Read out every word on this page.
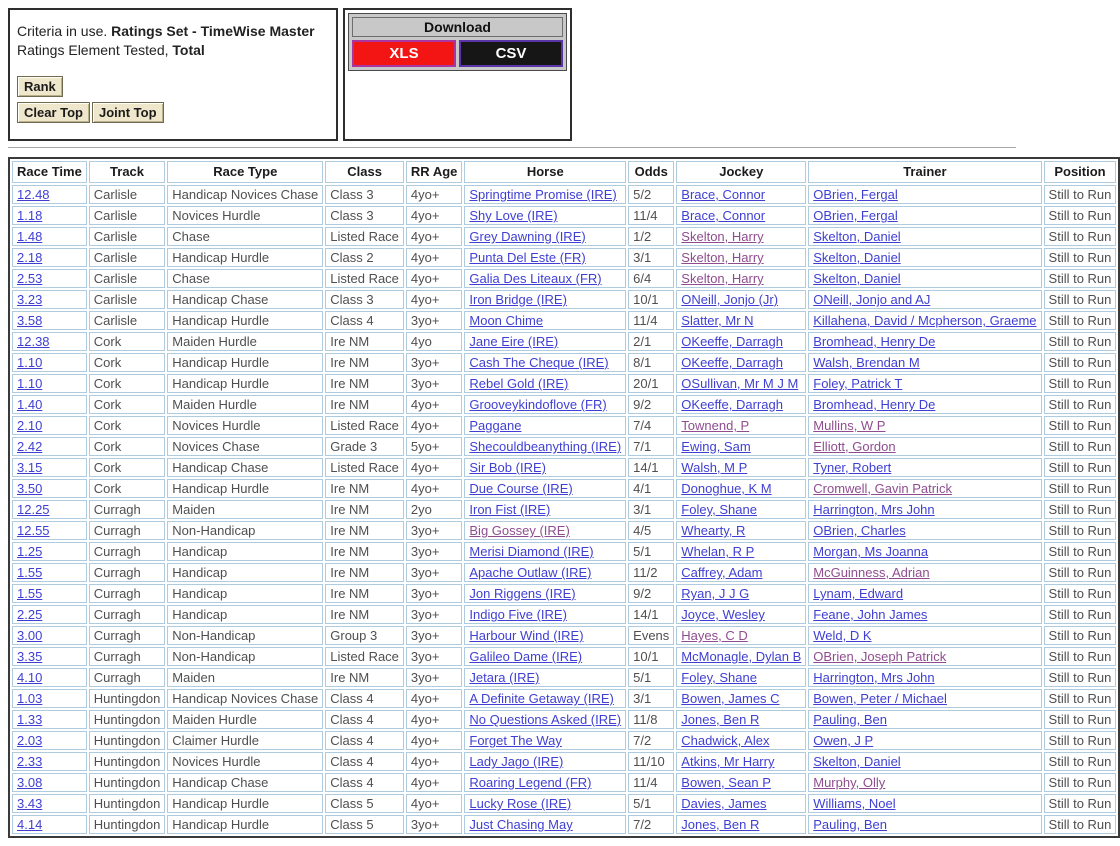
Criteria in use. Ratings Set - TimeWise Master
Ratings Element Tested, Total
Rank
Clear Top	Joint Top
Download
XLS	CSV
Race Time	Track	Race Type	Class	RR Age	Horse	Odds	Jockey	Trainer	Position
12.48	Carlisle	Handicap Novices Chase	Class 3	4yo+	Springtime Promise (IRE)	5/2	Brace, Connor	OBrien, Fergal	Still to Run
1.18	Carlisle	Novices Hurdle	Class 3	4yo+	Shy Love (IRE)	11/4	Brace, Connor	OBrien, Fergal	Still to Run
1.48	Carlisle	Chase	Listed Race	4yo+	Grey Dawning (IRE)	1/2	Skelton, Harry	Skelton, Daniel	Still to Run
2.18	Carlisle	Handicap Hurdle	Class 2	4yo+	Punta Del Este (FR)	3/1	Skelton, Harry	Skelton, Daniel	Still to Run
2.53	Carlisle	Chase	Listed Race	4yo+	Galia Des Liteaux (FR)	6/4	Skelton, Harry	Skelton, Daniel	Still to Run
3.23	Carlisle	Handicap Chase	Class 3	4yo+	Iron Bridge (IRE)	10/1	ONeill, Jonjo (Jr)	ONeill, Jonjo and AJ	Still to Run
3.58	Carlisle	Handicap Hurdle	Class 4	3yo+	Moon Chime	11/4	Slatter, Mr N	Killahena, David / Mcpherson, Graeme	Still to Run
12.38	Cork	Maiden Hurdle	Ire NM	4yo	Jane Eire (IRE)	2/1	OKeeffe, Darragh	Bromhead, Henry De	Still to Run
1.10	Cork	Handicap Hurdle	Ire NM	3yo+	Cash The Cheque (IRE)	8/1	OKeeffe, Darragh	Walsh, Brendan M	Still to Run
1.10	Cork	Handicap Hurdle	Ire NM	3yo+	Rebel Gold (IRE)	20/1	OSullivan, Mr M J M	Foley, Patrick T	Still to Run
1.40	Cork	Maiden Hurdle	Ire NM	4yo+	Grooveykindoflove (FR)	9/2	OKeeffe, Darragh	Bromhead, Henry De	Still to Run
2.10	Cork	Novices Hurdle	Listed Race	4yo+	Paggane	7/4	Townend, P	Mullins, W P	Still to Run
2.42	Cork	Novices Chase	Grade 3	5yo+	Shecouldbeanything (IRE)	7/1	Ewing, Sam	Elliott, Gordon	Still to Run
3.15	Cork	Handicap Chase	Listed Race	4yo+	Sir Bob (IRE)	14/1	Walsh, M P	Tyner, Robert	Still to Run
3.50	Cork	Handicap Hurdle	Ire NM	4yo+	Due Course (IRE)	4/1	Donoghue, K M	Cromwell, Gavin Patrick	Still to Run
12.25	Curragh	Maiden	Ire NM	2yo	Iron Fist (IRE)	3/1	Foley, Shane	Harrington, Mrs John	Still to Run
12.55	Curragh	Non-Handicap	Ire NM	3yo+	Big Gossey (IRE)	4/5	Whearty, R	OBrien, Charles	Still to Run
1.25	Curragh	Handicap	Ire NM	3yo+	Merisi Diamond (IRE)	5/1	Whelan, R P	Morgan, Ms Joanna	Still to Run
1.55	Curragh	Handicap	Ire NM	3yo+	Apache Outlaw (IRE)	11/2	Caffrey, Adam	McGuinness, Adrian	Still to Run
1.55	Curragh	Handicap	Ire NM	3yo+	Jon Riggens (IRE)	9/2	Ryan, J J G	Lynam, Edward	Still to Run
2.25	Curragh	Handicap	Ire NM	3yo+	Indigo Five (IRE)	14/1	Joyce, Wesley	Feane, John James	Still to Run
3.00	Curragh	Non-Handicap	Group 3	3yo+	Harbour Wind (IRE)	Evens	Hayes, C D	Weld, D K	Still to Run
3.35	Curragh	Non-Handicap	Listed Race	3yo+	Galileo Dame (IRE)	10/1	McMonagle, Dylan B	OBrien, Joseph Patrick	Still to Run
4.10	Curragh	Maiden	Ire NM	3yo+	Jetara (IRE)	5/1	Foley, Shane	Harrington, Mrs John	Still to Run
1.03	Huntingdon	Handicap Novices Chase	Class 4	4yo+	A Definite Getaway (IRE)	3/1	Bowen, James C	Bowen, Peter / Michael	Still to Run
1.33	Huntingdon	Maiden Hurdle	Class 4	4yo+	No Questions Asked (IRE)	11/8	Jones, Ben R	Pauling, Ben	Still to Run
2.03	Huntingdon	Claimer Hurdle	Class 4	4yo+	Forget The Way	7/2	Chadwick, Alex	Owen, J P	Still to Run
2.33	Huntingdon	Novices Hurdle	Class 4	4yo+	Lady Jago (IRE)	11/10	Atkins, Mr Harry	Skelton, Daniel	Still to Run
3.08	Huntingdon	Handicap Chase	Class 4	4yo+	Roaring Legend (FR)	11/4	Bowen, Sean P	Murphy, Olly	Still to Run
3.43	Huntingdon	Handicap Hurdle	Class 5	4yo+	Lucky Rose (IRE)	5/1	Davies, James	Williams, Noel	Still to Run
4.14	Huntingdon	Handicap Hurdle	Class 5	3yo+	Just Chasing May	7/2	Jones, Ben R	Pauling, Ben	Still to Run
